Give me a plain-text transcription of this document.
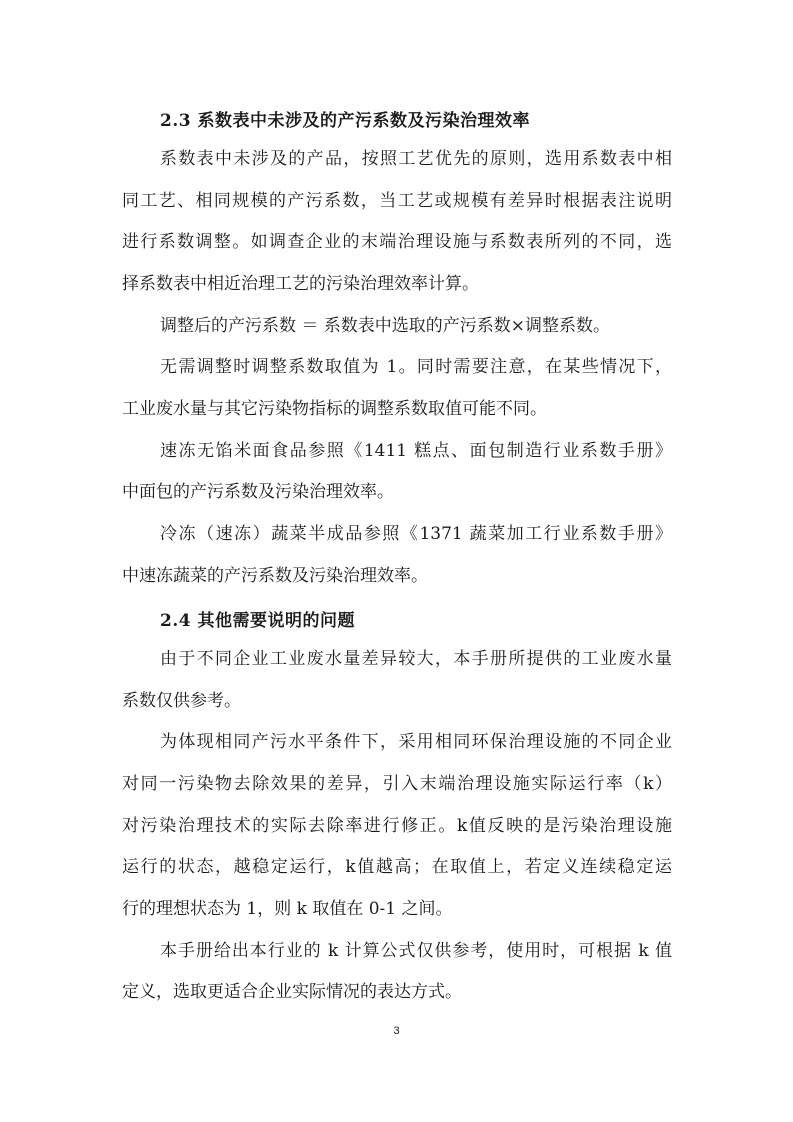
2.3 系数表中未涉及的产污系数及污染治理效率
系数表中未涉及的产品，按照工艺优先的原则，选用系数表中相
同工艺、相同规模的产污系数，当工艺或规模有差异时根据表注说明
进行系数调整。如调查企业的末端治理设施与系数表所列的不同，选
择系数表中相近治理工艺的污染治理效率计算。
调整后的产污系数 ＝ 系数表中选取的产污系数×调整系数。
无需调整时调整系数取值为 1。同时需要注意，在某些情况下，
工业废水量与其它污染物指标的调整系数取值可能不同。
速冻无馅米面食品参照《1411 糕点、面包制造行业系数手册》
中面包的产污系数及污染治理效率。
冷冻（速冻）蔬菜半成品参照《1371 蔬菜加工行业系数手册》
中速冻蔬菜的产污系数及污染治理效率。
2.4 其他需要说明的问题
由于不同企业工业废水量差异较大，本手册所提供的工业废水量
系数仅供参考。
为体现相同产污水平条件下，采用相同环保治理设施的不同企业
对同一污染物去除效果的差异，引入末端治理设施实际运行率（k）
对污染治理技术的实际去除率进行修正。k值反映的是污染治理设施
运行的状态，越稳定运行，k值越高；在取值上，若定义连续稳定运
行的理想状态为 1，则 k 取值在 0-1 之间。
本手册给出本行业的 k 计算公式仅供参考，使用时，可根据 k 值
定义，选取更适合企业实际情况的表达方式。
3
